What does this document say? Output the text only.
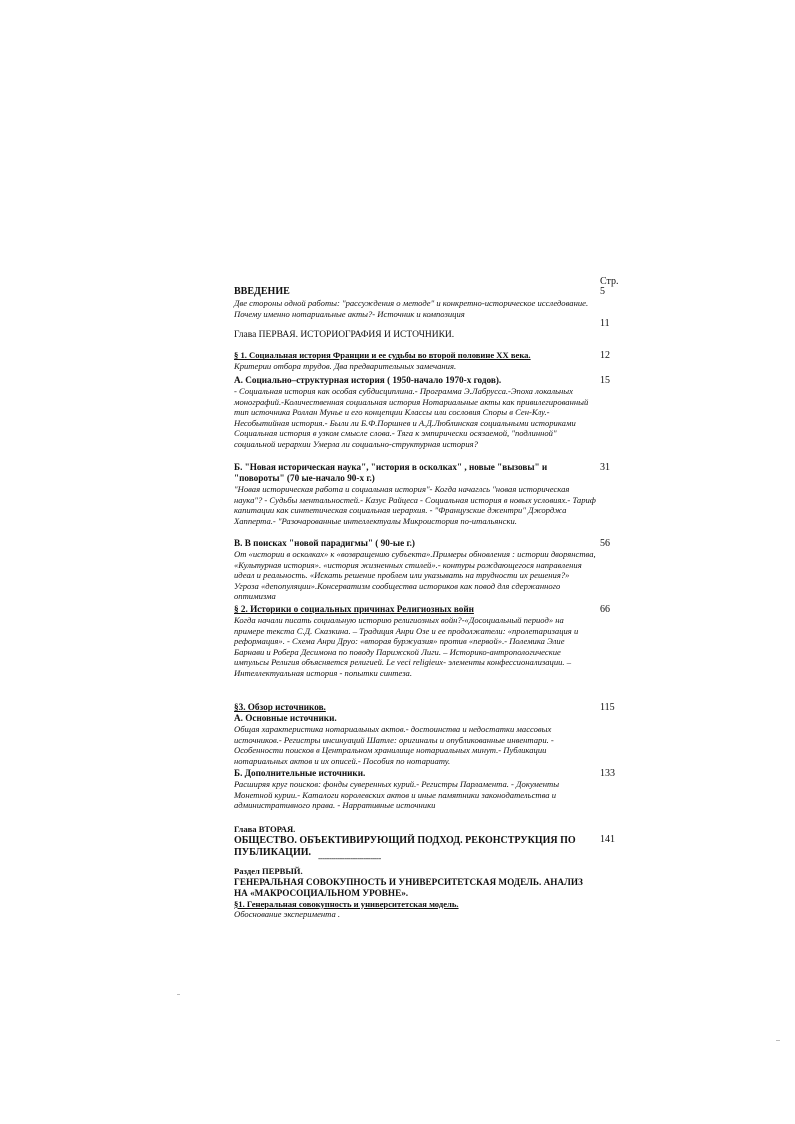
Стр.

ВВЕДЕНИЕ

Две стороны одной работы: "рассуждения о методе" и конкретно-историческое исследование. Почему именно нотариальные акты?- Источник и композиция

5
11

Глава ПЕРВАЯ. ИСТОРИОГРАФИЯ И ИСТОЧНИКИ.

§ 1. Социальная история Франции и ее судьбы во второй половине XX века.

Критерии отбора трудов. Два предварительных замечания.

12

А. Социально–структурная история ( 1950-начало 1970-х годов).

- Социальная история как особая субдисциплина.- Программа Э.Лабрусса.-Эпоха локальных монографий.-Количественная социальная история Нотариальные акты как привилегированный тип источника Роллан Мунье и его концепции Классы или сословия Споры в Сен-Клу.- Несобытийная история.- Были ли Б.Ф.Поршнев и А.Д.Люблинская социальными историками Социальная история в узком смысле слова.- Тяга к эмпирически осязаемой, "подлинной" социальной иерархии Умерла ли социально-структурная история?

15

Б. "Новая историческая наука", "история в осколках" , новые "вызовы" и "повороты" (70 ые-начало 90-х г.)

"Новая историческая работа и социальная история"- Когда начаглсь "новая историческая наука"? - Судьбы ментальностей.- Казус Райцеса - Социальная история в новых условиях.- Тариф капитации как синтетическая социальная иерархия. - "Французские джентри" Джорджа Хапперта.- "Разочарованные интеллектуалы Микроистория по-итальянски.

31

В. В поисках "новой парадигмы" ( 90-ые г.)

От «истории в осколках» к «возвращению субъекта».Примеры обновления : истории дворянства, «Культурная история». «история жизненных стилей».- контуры рождающегося направления идеал и реальность. «Искать решение проблем или указывать на трудности их решения?» Угроза «депопуляции».Консерватизм сообщества историков как повод для сдержанного оптимизма

56

§ 2. Историки о социальных причинах Религиозных войн

Когда начали писать социальную историю религиозных войн?-«Досоциальный период» на примере текста С.Д. Сказкина. – Традиция Анри Озе и ее продолжатели: «пролетаризация и реформация». - Схема Анри Друо: «вторая буржуазия» против «первой».- Полемика Элие Барнави и Робера Десимона по поводу Парижской Лиги. – Историко-антропологические импульсы Религия объясняется религией. Le veci religieux- элементы конфессионализации. – Интеллектуальная история - попытки синтеза.

66

§3. Обзор источников.

А. Основные источники.

Общая характеристика нотариальных актов.- достоинства и недостатки массовых источников.- Регистры инсинуаций Шатле: оригиналы и опубликованные инвентари. - Особенности поисков в Центральном хранилище нотариальных минут.- Публикации нотариальных актов и их описей.- Пособия по нотариату.

115

Б. Дополнительные источники.

Расширяя круг поисков: фонды суверенных курий.- Регистры Парламента. - Документы Монетной курии.- Каталоги королевских актов и иные памятники законодательства и административного права. - Нарративные источники

133

Глава ВТОРАЯ.

ОБЩЕСТВО. ОБЪЕКТИВИРУЮЩИЙ ПОДХОД. РЕКОНСТРУКЦИЯ ПО ПУБЛИКАЦИИ.

141
-----------------------------

Раздел ПЕРВЫЙ.

ГЕНЕРАЛЬНАЯ СОВОКУПНОСТЬ И УНИВЕРСИТЕТСКАЯ МОДЕЛЬ. АНАЛИЗ НА «МАКРОСОЦИАЛЬНОМ УРОВНЕ».

§1. Генеральная совокупность и университетская модель.

Обоснование эксперимента .
